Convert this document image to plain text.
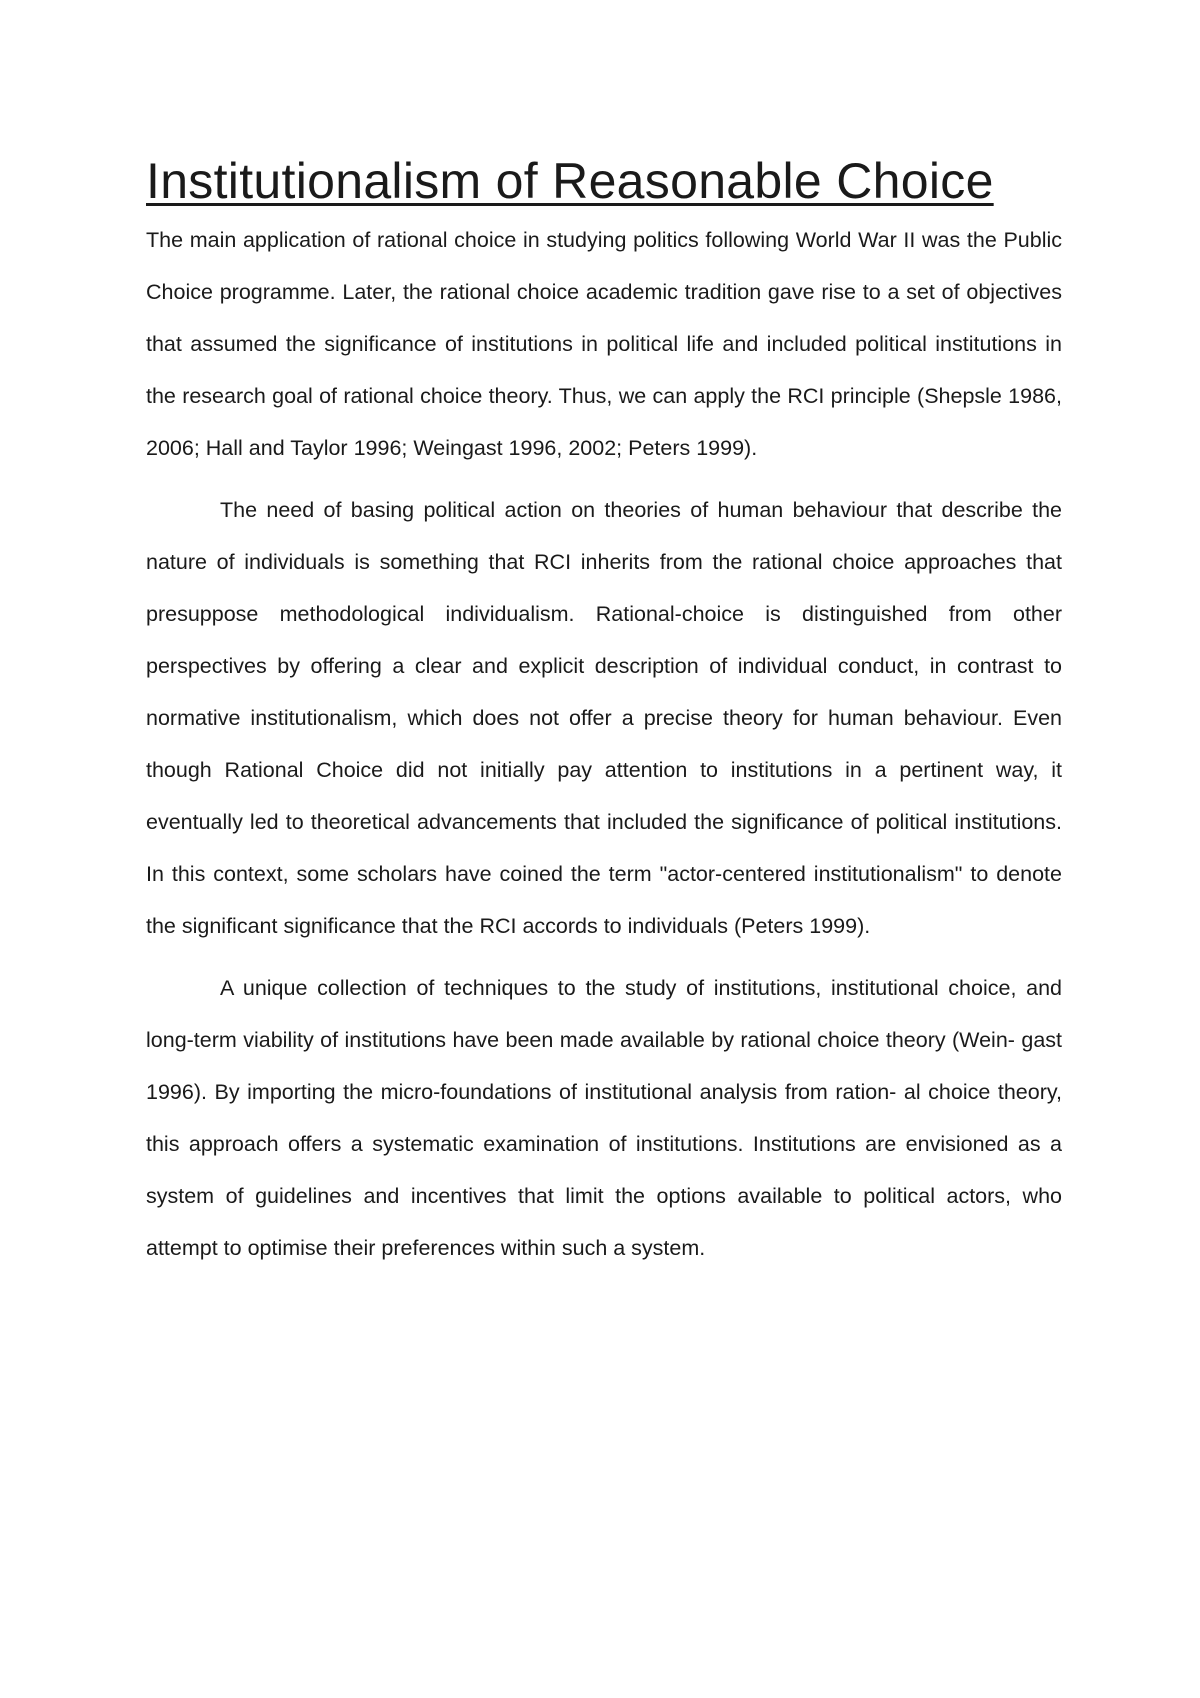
Institutionalism of Reasonable Choice

The main application of rational choice in studying politics following World War II was the Public Choice programme. Later, the rational choice academic tradition gave rise to a set of objectives that assumed the significance of institutions in political life and included political institutions in the research goal of rational choice theory. Thus, we can apply the RCI principle (Shepsle 1986, 2006; Hall and Taylor 1996; Weingast 1996, 2002; Peters 1999).

The need of basing political action on theories of human behaviour that describe the nature of individuals is something that RCI inherits from the rational choice approaches that presuppose methodological individualism. Rational-choice is distinguished from other perspectives by offering a clear and explicit description of individual conduct, in contrast to normative institutionalism, which does not offer a precise theory for human behaviour. Even though Rational Choice did not initially pay attention to institutions in a pertinent way, it eventually led to theoretical advancements that included the significance of political institutions. In this context, some scholars have coined the term "actor-centered institutionalism" to denote the significant significance that the RCI accords to individuals (Peters 1999).

A unique collection of techniques to the study of institutions, institutional choice, and long-term viability of institutions have been made available by rational choice theory (Wein- gast 1996). By importing the micro-foundations of institutional analysis from ration- al choice theory, this approach offers a systematic examination of institutions. Institutions are envisioned as a system of guidelines and incentives that limit the options available to political actors, who attempt to optimise their preferences within such a system.
